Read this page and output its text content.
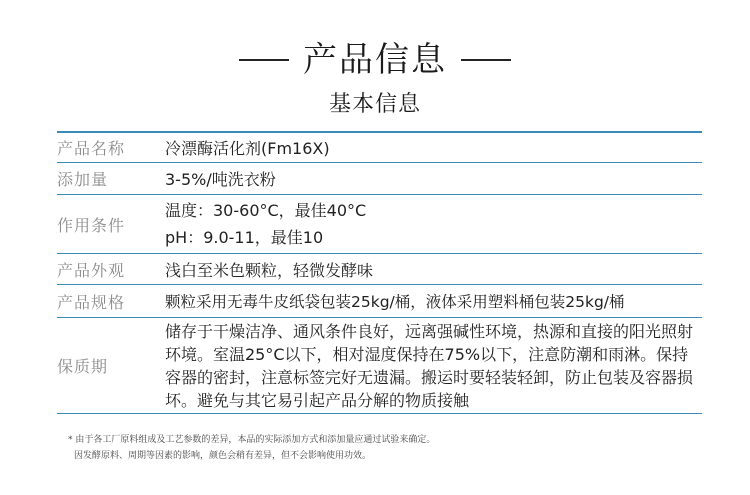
产品信息
基本信息
产品名称	冷漂酶活化剂(Fm16X)
添加量	3-5%/吨洗衣粉
作用条件	温度：30-60°C，最佳40°C
pH：9.0-11，最佳10

产品外观	浅白至米色颗粒，轻微发酵味
产品规格	颗粒采用无毒牛皮纸袋包装25kg/桶，液体采用塑料桶包装25kg/桶
保质期	储存于干燥洁净、通风条件良好，远离强碱性环境，热源和直接的阳光照射环境。室温25°C以下，相对湿度保持在75%以下，注意防潮和雨淋。保持容器的密封，注意标签完好无遗漏。搬运时要轻装轻卸，防止包装及容器损坏。避免与其它易引起产品分解的物质接触
* 由于各工厂原料组成及工艺参数的差异，本品的实际添加方式和添加量应通过试验来确定。
因发酵原料、周期等因素的影响，颜色会稍有差异，但不会影响使用功效。
